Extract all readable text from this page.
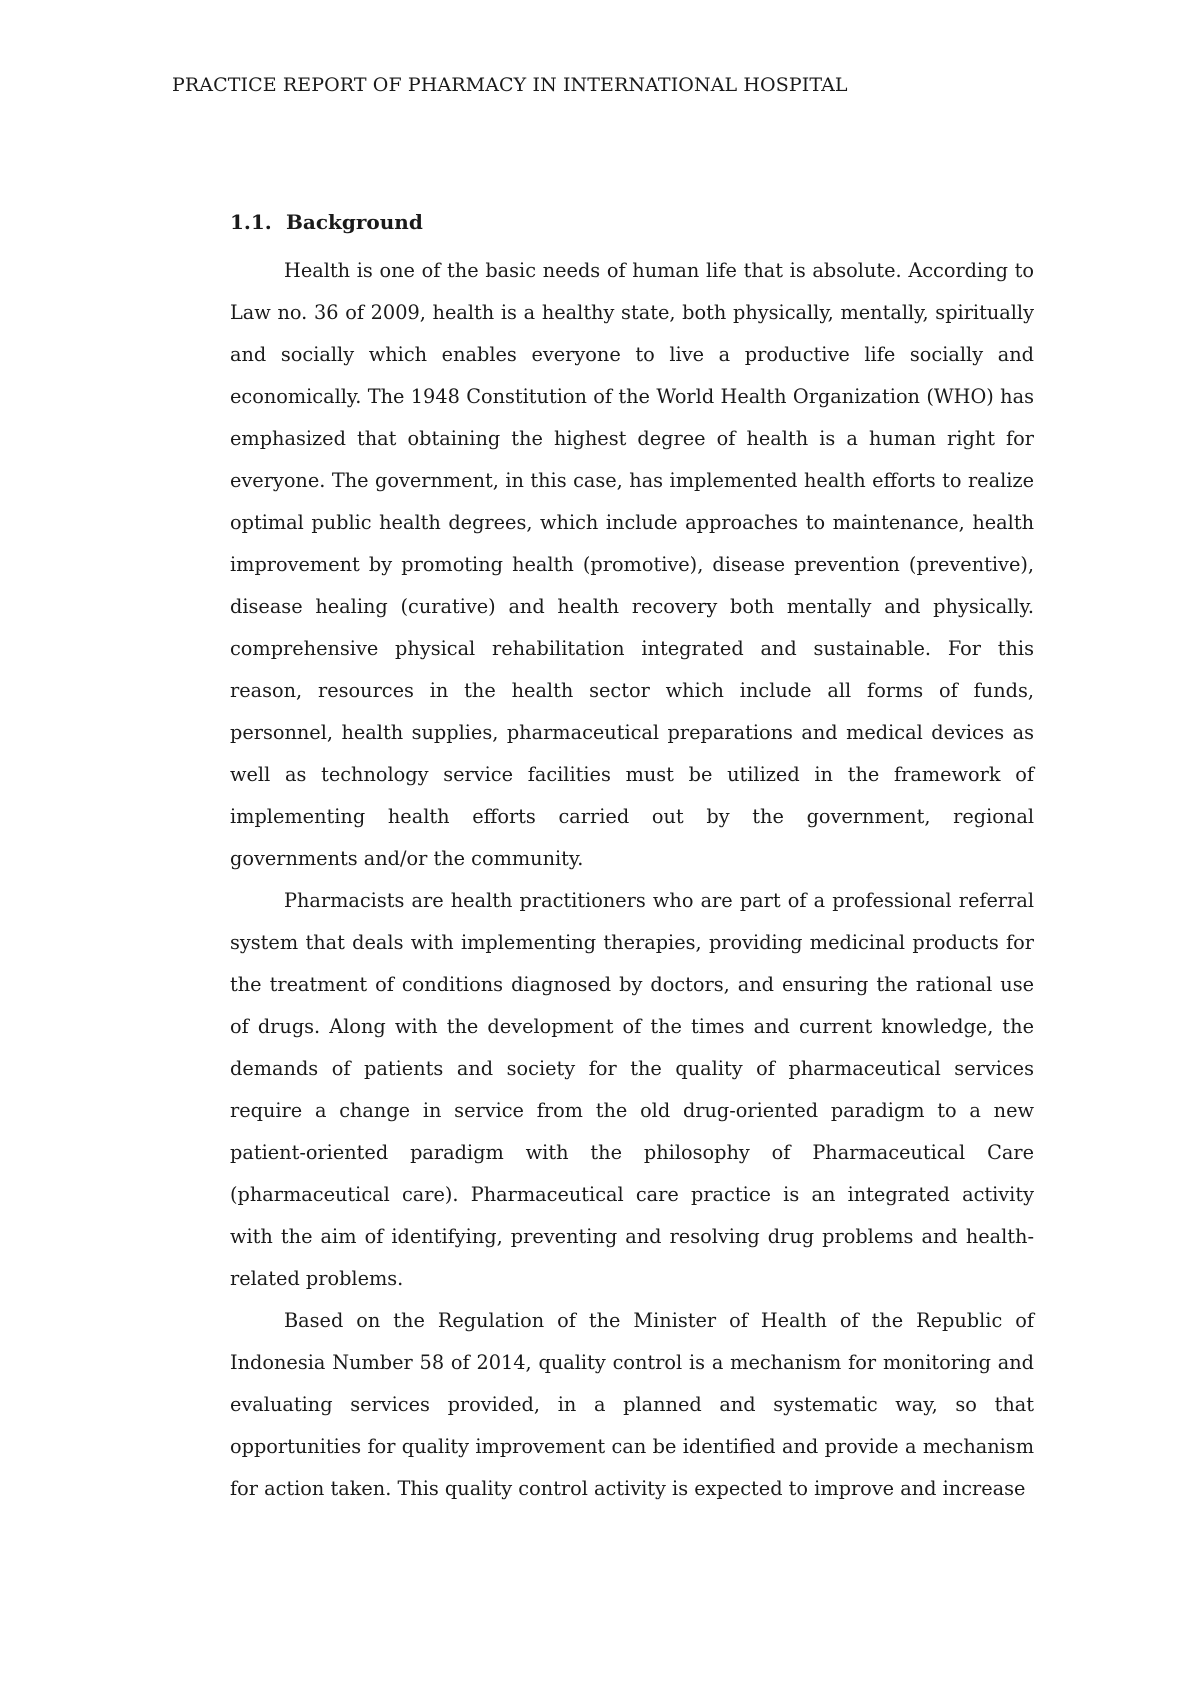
PRACTICE REPORT OF PHARMACY IN INTERNATIONAL HOSPITAL
1.1. Background

Health is one of the basic needs of human life that is absolute. According to Law no. 36 of 2009, health is a healthy state, both physically, mentally, spiritually and socially which enables everyone to live a productive life socially and economically. The 1948 Constitution of the World Health Organization (WHO) has emphasized that obtaining the highest degree of health is a human right for everyone. The government, in this case, has implemented health efforts to realize optimal public health degrees, which include approaches to maintenance, health improvement by promoting health (promotive), disease prevention (preventive), disease healing (curative) and health recovery both mentally and physically. comprehensive physical rehabilitation integrated and sustainable. For this reason, resources in the health sector which include all forms of funds, personnel, health supplies, pharmaceutical preparations and medical devices as well as technology service facilities must be utilized in the framework of implementing health efforts carried out by the government, regional governments and/or the community.

Pharmacists are health practitioners who are part of a professional referral system that deals with implementing therapies, providing medicinal products for the treatment of conditions diagnosed by doctors, and ensuring the rational use of drugs. Along with the development of the times and current knowledge, the demands of patients and society for the quality of pharmaceutical services require a change in service from the old drug-oriented paradigm to a new patient-oriented paradigm with the philosophy of Pharmaceutical Care (pharmaceutical care). Pharmaceutical care practice is an integrated activity with the aim of identifying, preventing and resolving drug problems and health-related problems.

Based on the Regulation of the Minister of Health of the Republic of Indonesia Number 58 of 2014, quality control is a mechanism for monitoring and evaluating services provided, in a planned and systematic way, so that opportunities for quality improvement can be identified and provide a mechanism for action taken. This quality control activity is expected to improve and increase
